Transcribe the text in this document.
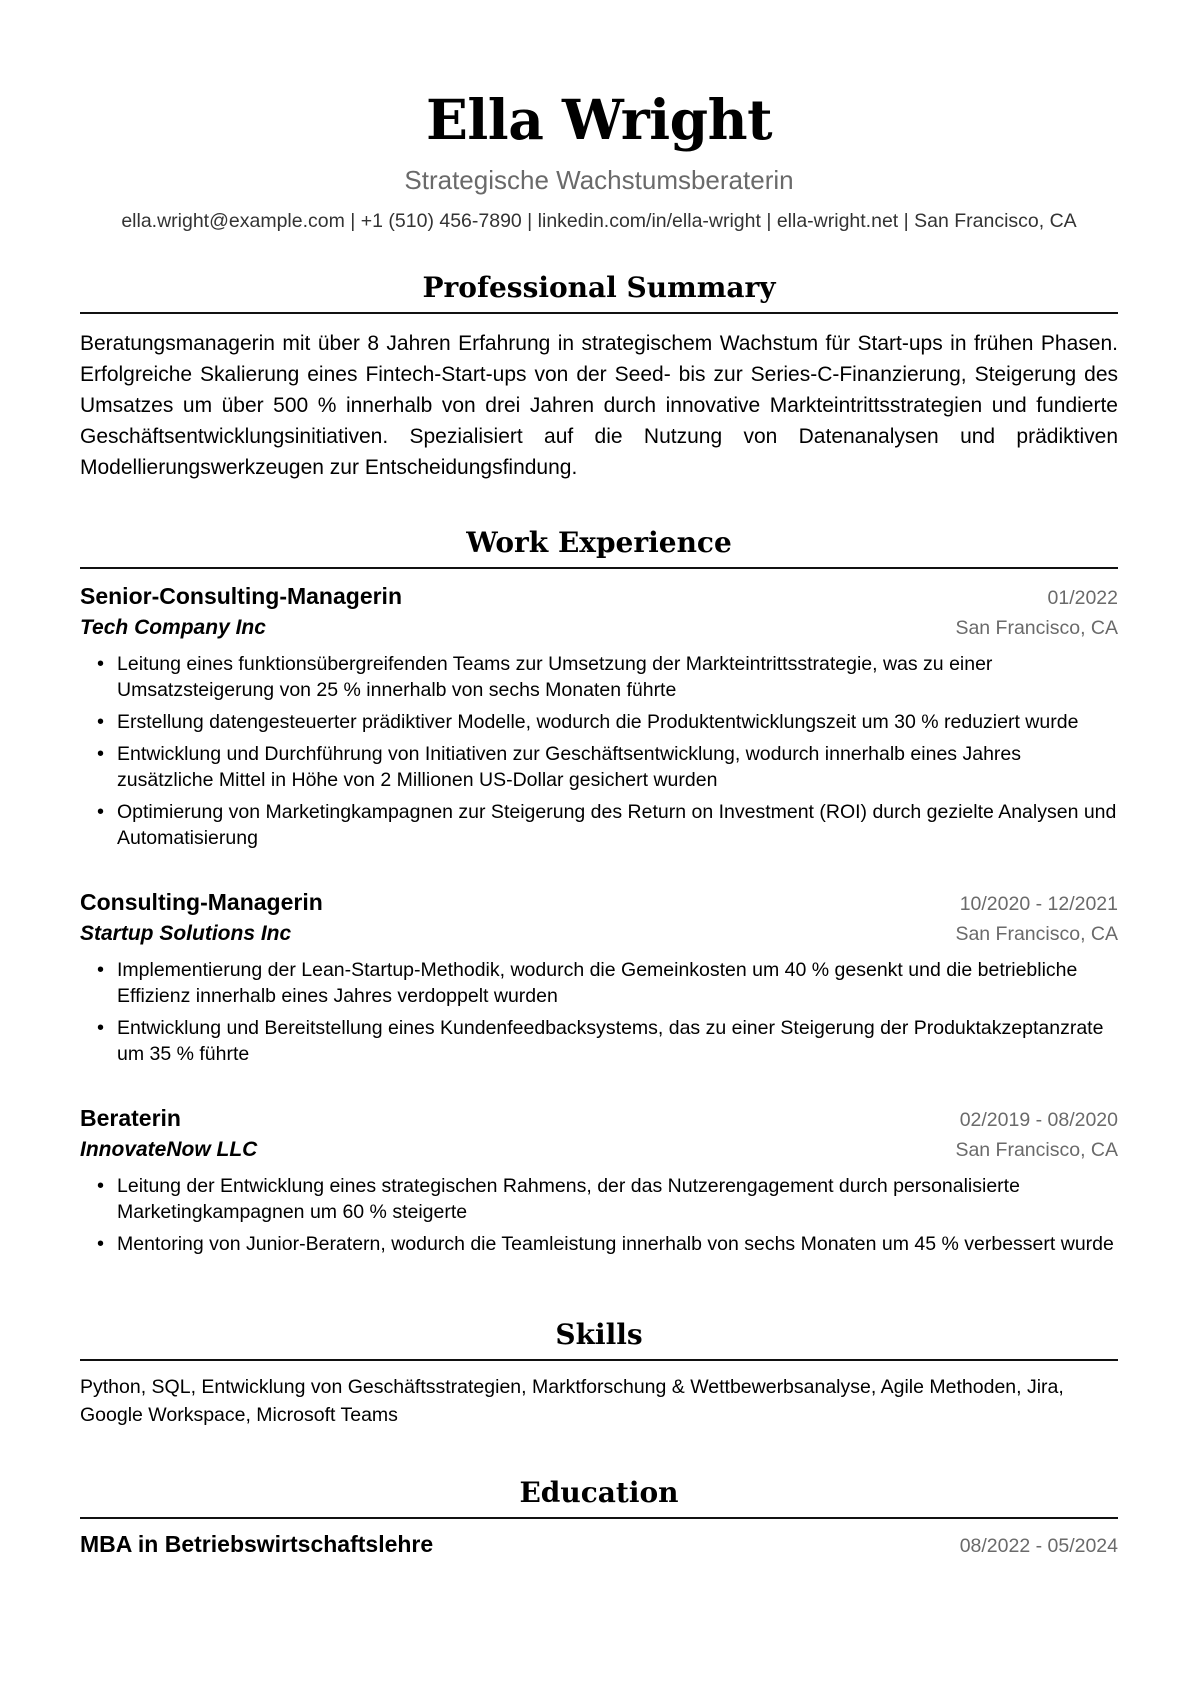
Ella Wright
Strategische Wachstumsberaterin
ella.wright@example.com | +1 (510) 456-7890 | linkedin.com/in/ella-wright | ella-wright.net | San Francisco, CA
Professional Summary
Beratungsmanagerin mit über 8 Jahren Erfahrung in strategischem Wachstum für Start-ups in frühen Phasen. Erfolgreiche Skalierung eines Fintech-Start-ups von der Seed- bis zur Series-C-Finanzierung, Steigerung des Umsatzes um über 500 % innerhalb von drei Jahren durch innovative Markteintrittsstrategien und fundierte Geschäftsentwicklungsinitiativen. Spezialisiert auf die Nutzung von Datenanalysen und prädiktiven Modellierungswerkzeugen zur Entscheidungsfindung.
Work Experience
Senior-Consulting-Managerin	01/2022
Tech Company Inc	San Francisco, CA
• Leitung eines funktionsübergreifenden Teams zur Umsetzung der Markteintrittsstrategie, was zu einer Umsatzsteigerung von 25 % innerhalb von sechs Monaten führte
• Erstellung datengesteuerter prädiktiver Modelle, wodurch die Produktentwicklungszeit um 30 % reduziert wurde
• Entwicklung und Durchführung von Initiativen zur Geschäftsentwicklung, wodurch innerhalb eines Jahres zusätzliche Mittel in Höhe von 2 Millionen US-Dollar gesichert wurden
• Optimierung von Marketingkampagnen zur Steigerung des Return on Investment (ROI) durch gezielte Analysen und Automatisierung
Consulting-Managerin	10/2020 - 12/2021
Startup Solutions Inc	San Francisco, CA
• Implementierung der Lean-Startup-Methodik, wodurch die Gemeinkosten um 40 % gesenkt und die betriebliche Effizienz innerhalb eines Jahres verdoppelt wurden
• Entwicklung und Bereitstellung eines Kundenfeedbacksystems, das zu einer Steigerung der Produktakzeptanzrate um 35 % führte
Beraterin	02/2019 - 08/2020
InnovateNow LLC	San Francisco, CA
• Leitung der Entwicklung eines strategischen Rahmens, der das Nutzerengagement durch personalisierte Marketingkampagnen um 60 % steigerte
• Mentoring von Junior-Beratern, wodurch die Teamleistung innerhalb von sechs Monaten um 45 % verbessert wurde
Skills
Python, SQL, Entwicklung von Geschäftsstrategien, Marktforschung & Wettbewerbsanalyse, Agile Methoden, Jira, Google Workspace, Microsoft Teams
Education
MBA in Betriebswirtschaftslehre	08/2022 - 05/2024
